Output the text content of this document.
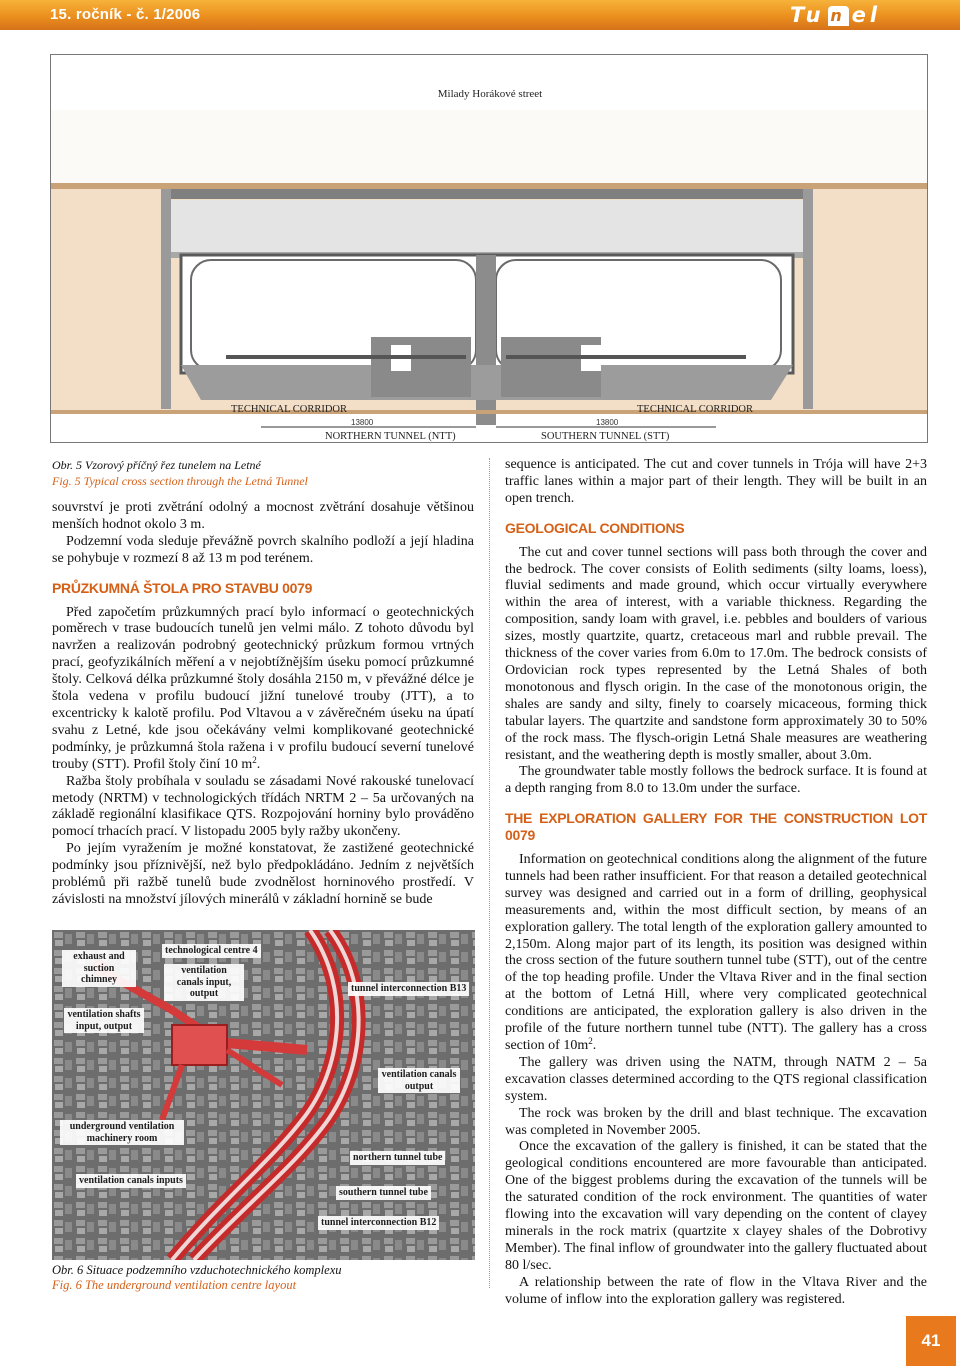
15. ročník - č. 1/2006	Tu n el
13800	13800
Milady Horákové street
TECHNICAL CORRIDOR	TECHNICAL CORRIDOR
NORTHERN TUNNEL (NTT)	SOUTHERN TUNNEL (STT)
Obr. 5 Vzorový příčný řez tunelem na Letné
Fig. 5 Typical cross section through the Letná Tunnel

souvrství je proti zvětrání odolný a mocnost zvětrání dosahuje většinou menších hodnot okolo 3 m.

Podzemní voda sleduje převážně povrch skalního podloží a její hladina se pohybuje v rozmezí 8 až 13 m pod terénem.

PRŮZKUMNÁ ŠTOLA PRO STAVBU 0079

Před započetím průzkumných prací bylo informací o geotechnických poměrech v trase budoucích tunelů jen velmi málo. Z tohoto důvodu byl navržen a realizován podrobný geotechnický průzkum formou vrtných prací, geofyzikálních měření a v nejobtížnějším úseku pomocí průzkumné štoly. Celková délka průzkumné štoly dosáhla 2150 m, v převážné délce je štola vedena v profilu budoucí jižní tunelové trouby (JTT), a to excentricky k kalotě profilu. Pod Vltavou a v závěrečném úseku na úpatí svahu z Letné, kde jsou očekávány velmi komplikované geotechnické podmínky, je průzkumná štola ražena i v profilu budoucí severní tunelové trouby (STT). Profil štoly činí 10 $m^2$.

Ražba štoly probíhala v souladu se zásadami Nové rakouské tunelovací metody (NRTM) v technologických třídách NRTM 2 – 5a určovaných na základě regionální klasifikace QTS. Rozpojování horniny bylo prováděno pomocí trhacích prací. V listopadu 2005 byly ražby ukončeny.

Po jejím vyražením je možné konstatovat, že zastižené geotechnické podmínky jsou příznivější, než bylo předpokládáno. Jedním z největších problémů při ražbě tunelů bude zvodnělost horninového prostředí. V závislosti na množství jílových minerálů v základní hornině se bude

exhaust and suction chimney
technological centre 4
ventilation canals input, output	tunnel interconnection B13
ventilation shafts input, output
ventilation canals output
underground ventilation machinery room
northern tunnel tube
ventilation canals inputs
southern tunnel tube
tunnel interconnection B12
Obr. 6 Situace podzemního vzduchotechnického komplexu
Fig. 6 The underground ventilation centre layout

sequence is anticipated. The cut and cover tunnels in Trója will have 2+3 traffic lanes within a major part of their length. They will be built in an open trench.

GEOLOGICAL CONDITIONS

The cut and cover tunnel sections will pass both through the cover and the bedrock. The cover consists of Eolith sediments (silty loams, loess), fluvial sediments and made ground, which occur virtually everywhere within the area of interest, with a variable thickness. Regarding the composition, sandy loam with gravel, i.e. pebbles and boulders of various sizes, mostly quartzite, quartz, cretaceous marl and rubble prevail. The thickness of the cover varies from 6.0m to 17.0m. The bedrock consists of Ordovician rock types represented by the Letná Shales of both monotonous and flysch origin. In the case of the monotonous origin, the shales are sandy and silty, finely to coarsely micaceous, forming thick tabular layers. The quartzite and sandstone form approximately 30 to 50% of the rock mass. The flysch-origin Letná Shale measures are weathering resistant, and the weathering depth is mostly smaller, about 3.0m.

The groundwater table mostly follows the bedrock surface. It is found at a depth ranging from 8.0 to 13.0m under the surface.

THE EXPLORATION GALLERY FOR THE CONSTRUCTION LOT 0079

Information on geotechnical conditions along the alignment of the future tunnels had been rather insufficient. For that reason a detailed geotechnical survey was designed and carried out in a form of drilling, geophysical measurements and, within the most difficult section, by means of an exploration gallery. The total length of the exploration gallery amounted to 2,150m. Along major part of its length, its position was designed within the cross section of the future southern tunnel tube (STT), out of the centre of the top heading profile. Under the Vltava River and in the final section at the bottom of Letná Hill, where very complicated geotechnical conditions are anticipated, the exploration gallery is also driven in the profile of the future northern tunnel tube (NTT). The gallery has a cross section of $10m^2$.

The gallery was driven using the NATM, through NATM 2 – 5a excavation classes determined according to the QTS regional classification system.

The rock was broken by the drill and blast technique. The excavation was completed in November 2005.

Once the excavation of the gallery is finished, it can be stated that the geological conditions encountered are more favourable than anticipated. One of the biggest problems during the excavation of the tunnels will be the saturated condition of the rock environment. The quantities of water flowing into the excavation will vary depending on the content of clayey minerals in the rock matrix (quartzite x clayey shales of the Dobrotivy Member). The final inflow of groundwater into the gallery fluctuated about 80 l/sec.

A relationship between the rate of flow in the Vltava River and the volume of inflow into the exploration gallery was registered.

41
